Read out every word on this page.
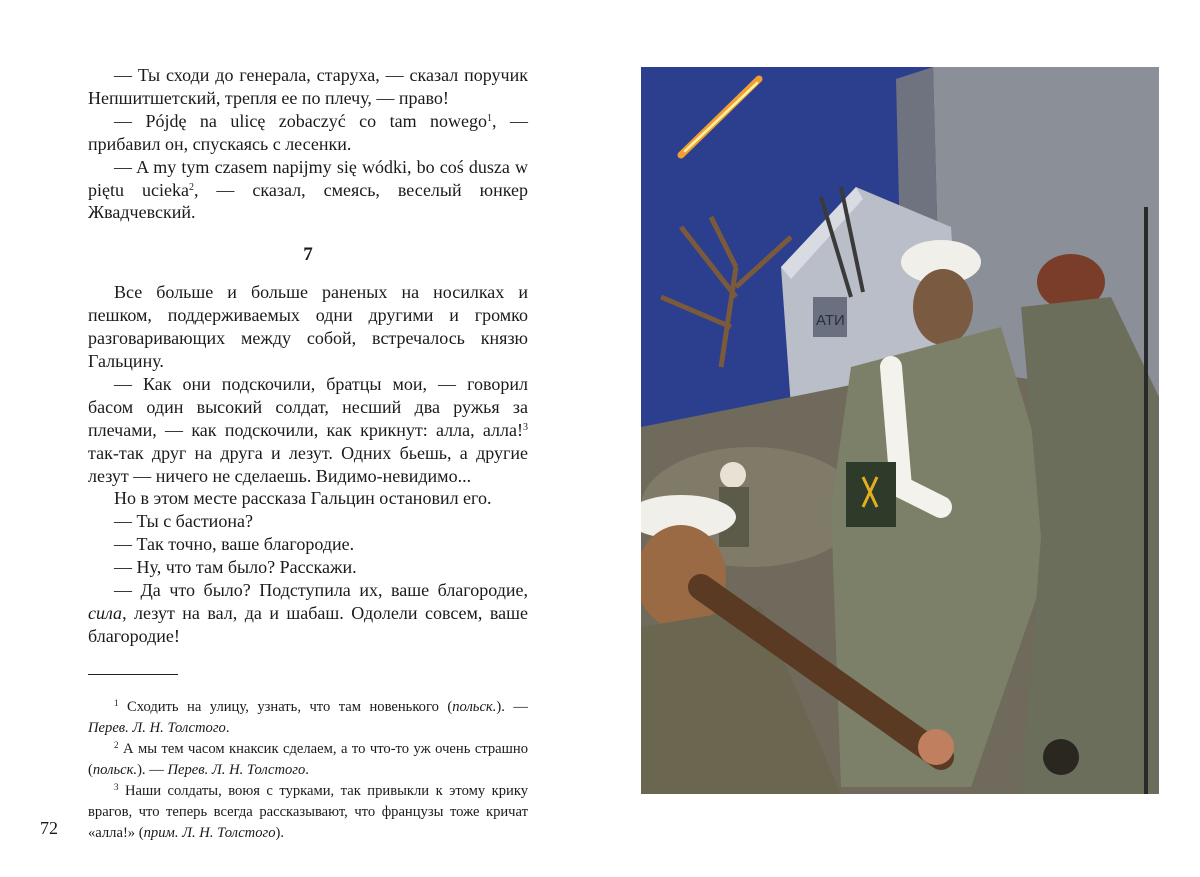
— Ты сходи до генерала, старуха, — сказал поручик Непшитшетский, трепля ее по плечу, — право!

— Pójdę na ulicę zobaczyć co tam nowego$^1$, — прибавил он, спускаясь с лесенки.

— A my tym czasem napijmy się wódki, bo coś dusza w piętu ucieka$^2$, — сказал, смеясь, веселый юнкер Жвадчевский.

7

Все больше и больше раненых на носилках и пешком, поддерживаемых одни другими и громко разговаривающих между собой, встречалось князю Гальцину.

— Как они подскочили, братцы мои, — говорил басом один высокий солдат, несший два ружья за плечами, — как подскочили, как крикнут: алла, алла!$^3$ так-так друг на друга и лезут. Одних бьешь, а другие лезут — ничего не сделаешь. Видимо-невидимо...

Но в этом месте рассказа Гальцин остановил его.

— Ты с бастиона?

— Так точно, ваше благородие.

— Ну, что там было? Расскажи.

— Да что было? Подступила их, ваше благородие, сила, лезут на вал, да и шабаш. Одолели совсем, ваше благородие!

$^1$ Сходить на улицу, узнать, что там новенького (польск.). — Перев. Л. Н. Толстого.

$^2$ А мы тем часом кнаксик сделаем, а то что-то уж очень страшно (польск.). — Перев. Л. Н. Толстого.

$^3$ Наши солдаты, воюя с турками, так привыкли к этому крику врагов, что теперь всегда рассказывают, что французы тоже кричат «алла!» (прим. Л. Н. Толстого).

72
АТИ
